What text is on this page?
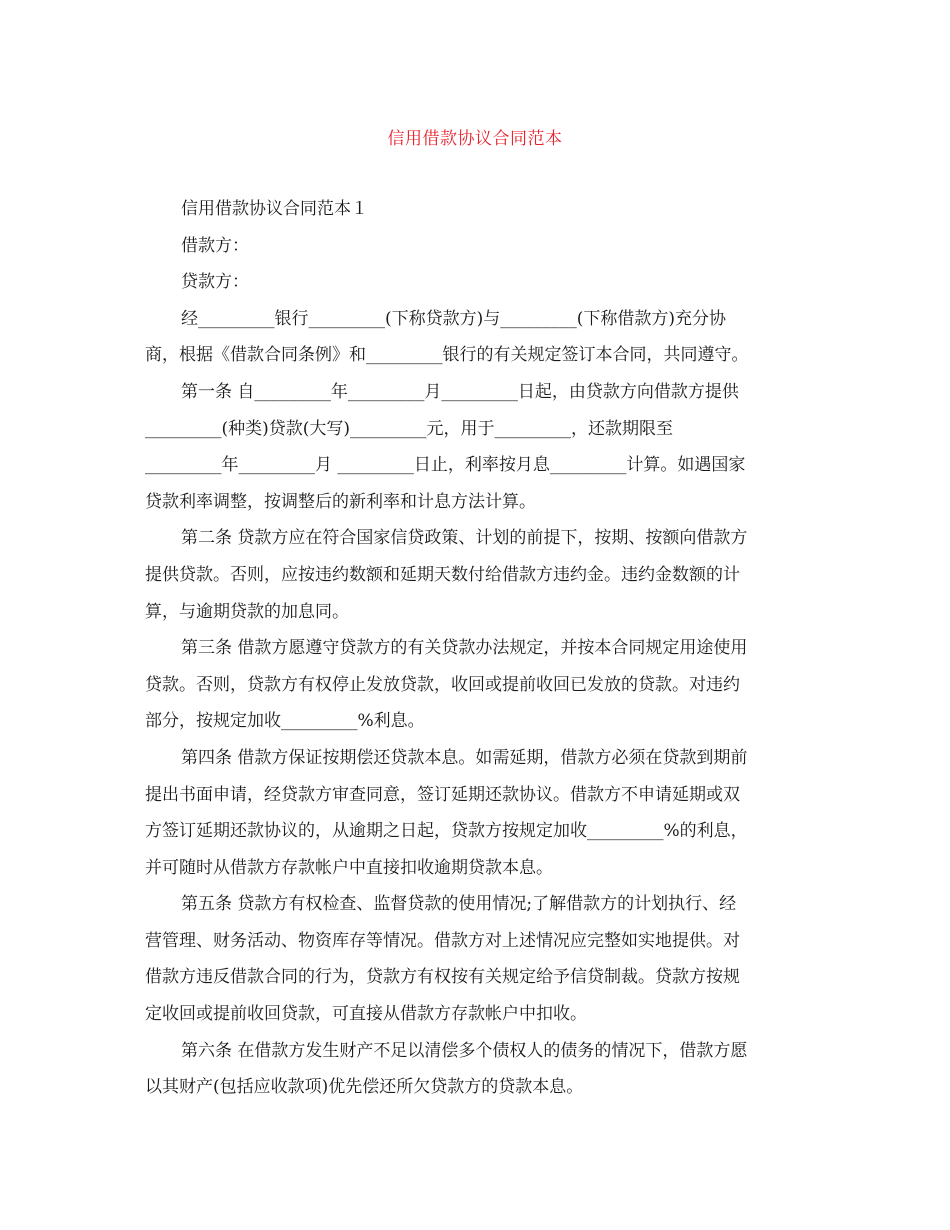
信用借款协议合同范本
信用借款协议合同范本１
借款方：
贷款方：
经_________银行_________(下称贷款方)与_________(下称借款方)充分协
商，根据《借款合同条例》和_________银行的有关规定签订本合同，共同遵守。
第一条 自_________年_________月_________日起，由贷款方向借款方提供
_________(种类)贷款(大写)_________元，用于_________，还款期限至
_________年_________月 _________日止，利率按月息_________计算。如遇国家
贷款利率调整，按调整后的新利率和计息方法计算。
第二条 贷款方应在符合国家信贷政策、计划的前提下，按期、按额向借款方
提供贷款。否则，应按违约数额和延期天数付给借款方违约金。违约金数额的计
算，与逾期贷款的加息同。
第三条 借款方愿遵守贷款方的有关贷款办法规定，并按本合同规定用途使用
贷款。否则，贷款方有权停止发放贷款，收回或提前收回已发放的贷款。对违约
部分，按规定加收_________%利息。
第四条 借款方保证按期偿还贷款本息。如需延期，借款方必须在贷款到期前
提出书面申请，经贷款方审查同意，签订延期还款协议。借款方不申请延期或双
方签订延期还款协议的，从逾期之日起，贷款方按规定加收_________%的利息，
并可随时从借款方存款帐户中直接扣收逾期贷款本息。
第五条 贷款方有权检查、监督贷款的使用情况;了解借款方的计划执行、经
营管理、财务活动、物资库存等情况。借款方对上述情况应完整如实地提供。对
借款方违反借款合同的行为，贷款方有权按有关规定给予信贷制裁。贷款方按规
定收回或提前收回贷款，可直接从借款方存款帐户中扣收。
第六条 在借款方发生财产不足以清偿多个债权人的债务的情况下，借款方愿
以其财产(包括应收款项)优先偿还所欠贷款方的贷款本息。
